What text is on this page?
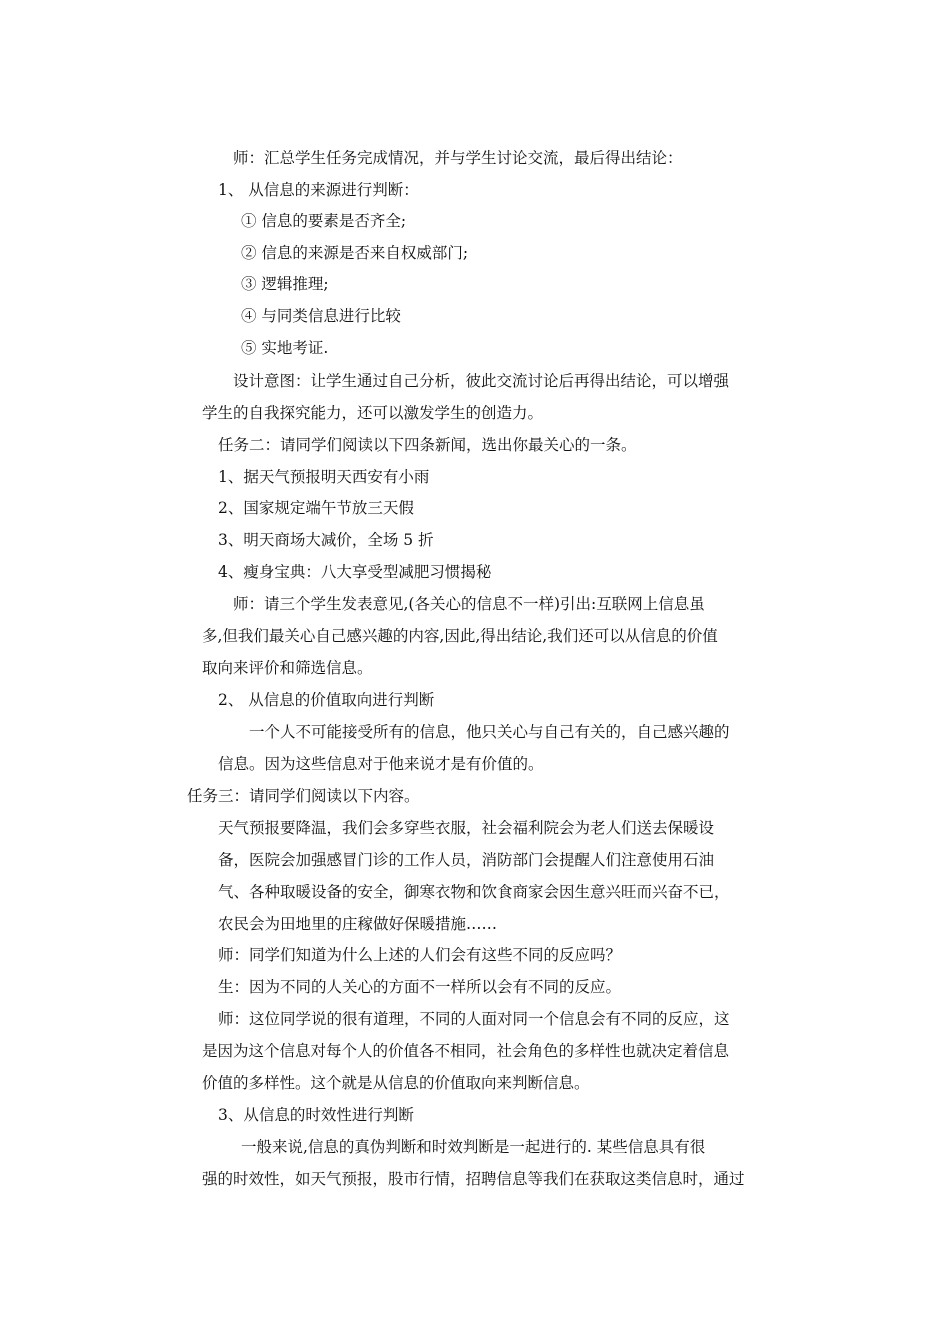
师：汇总学生任务完成情况，并与学生讨论交流，最后得出结论：

1、 从信息的来源进行判断：

① 信息的要素是否齐全;

② 信息的来源是否来自权威部门;

③ 逻辑推理;

④ 与同类信息进行比较

⑤ 实地考证.

设计意图：让学生通过自己分析，彼此交流讨论后再得出结论，可以增强

学生的自我探究能力，还可以激发学生的创造力。

任务二：请同学们阅读以下四条新闻，选出你最关心的一条。

1、据天气预报明天西安有小雨

2、国家规定端午节放三天假

3、明天商场大减价，全场 5 折

4、瘦身宝典：八大享受型减肥习惯揭秘

师：请三个学生发表意见,(各关心的信息不一样)引出:互联网上信息虽

多,但我们最关心自己感兴趣的内容,因此,得出结论,我们还可以从信息的价值

取向来评价和筛选信息。

2、 从信息的价值取向进行判断

一个人不可能接受所有的信息，他只关心与自己有关的，自己感兴趣的

信息。因为这些信息对于他来说才是有价值的。

任务三：请同学们阅读以下内容。

天气预报要降温，我们会多穿些衣服，社会福利院会为老人们送去保暖设

备，医院会加强感冒门诊的工作人员，消防部门会提醒人们注意使用石油

气、各种取暖设备的安全，御寒衣物和饮食商家会因生意兴旺而兴奋不已，

农民会为田地里的庄稼做好保暖措施……

师：同学们知道为什么上述的人们会有这些不同的反应吗？

生：因为不同的人关心的方面不一样所以会有不同的反应。

师：这位同学说的很有道理，不同的人面对同一个信息会有不同的反应，这

是因为这个信息对每个人的价值各不相同，社会角色的多样性也就决定着信息

价值的多样性。这个就是从信息的价值取向来判断信息。

3、从信息的时效性进行判断

一般来说,信息的真伪判断和时效判断是一起进行的. 某些信息具有很

强的时效性，如天气预报，股市行情，招聘信息等我们在获取这类信息时，通过
